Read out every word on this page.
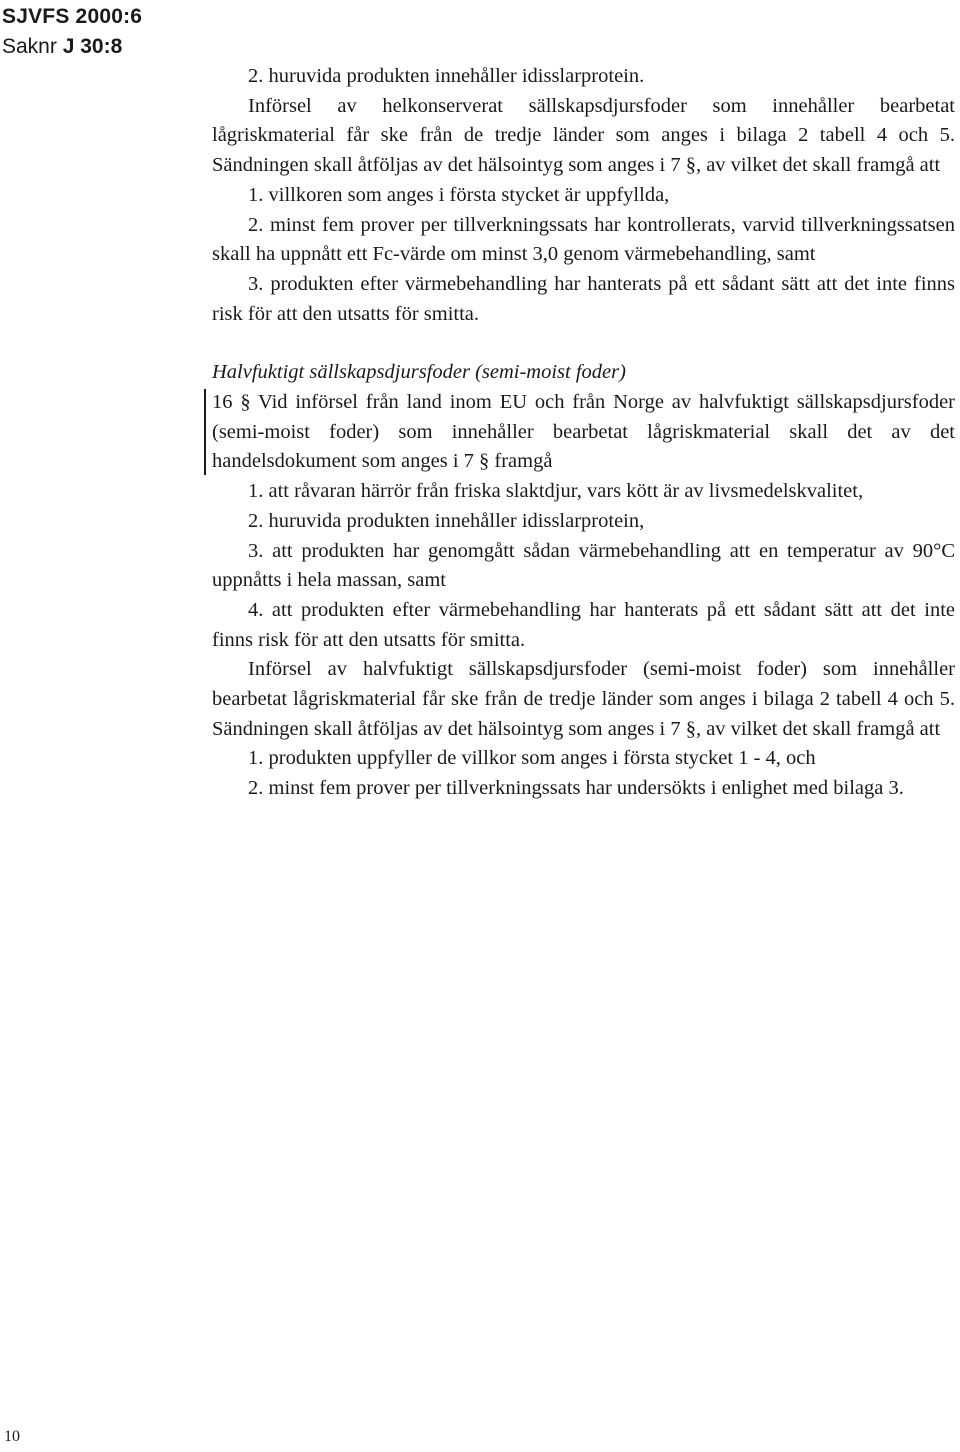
SJVFS 2000:6
Saknr J 30:8

2. huruvida produkten innehåller idisslarprotein.

Införsel av helkonserverat sällskapsdjursfoder som innehåller bearbetat lågriskmaterial får ske från de tredje länder som anges i bilaga 2 tabell 4 och 5. Sändningen skall åtföljas av det hälsointyg som anges i 7 §, av vilket det skall framgå att

1. villkoren som anges i första stycket är uppfyllda,

2. minst fem prover per tillverkningssats har kontrollerats, varvid tillverkningssatsen skall ha uppnått ett Fc-värde om minst 3,0 genom värmebehandling, samt

3. produkten efter värmebehandling har hanterats på ett sådant sätt att det inte finns risk för att den utsatts för smitta.

Halvfuktigt sällskapsdjursfoder (semi-moist foder)

16 § Vid införsel från land inom EU och från Norge av halvfuktigt sällskapsdjursfoder (semi-moist foder) som innehåller bearbetat lågriskmaterial skall det av det handelsdokument som anges i 7 § framgå

1. att råvaran härrör från friska slaktdjur, vars kött är av livsmedelskvalitet,

2. huruvida produkten innehåller idisslarprotein,

3. att produkten har genomgått sådan värmebehandling att en temperatur av 90°C uppnåtts i hela massan, samt

4. att produkten efter värmebehandling har hanterats på ett sådant sätt att det inte finns risk för att den utsatts för smitta.

Införsel av halvfuktigt sällskapsdjursfoder (semi-moist foder) som innehåller bearbetat lågriskmaterial får ske från de tredje länder som anges i bilaga 2 tabell 4 och 5. Sändningen skall åtföljas av det hälsointyg som anges i 7 §, av vilket det skall framgå att

1. produkten uppfyller de villkor som anges i första stycket 1 - 4, och

2. minst fem prover per tillverkningssats har undersökts i enlighet med bilaga 3.

10
